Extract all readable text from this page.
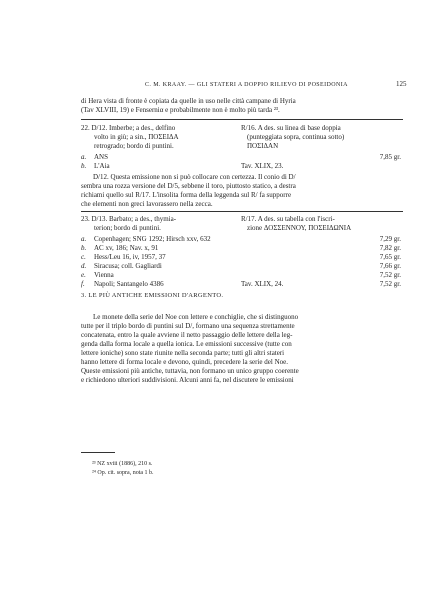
C. M. KRAAY. — GLI STATERI A DOPPIO RILIEVO DI POSEIDONIA	125
di Hera vista di fronte è copiata da quelle in uso nelle città campane di Hyria
(Tav XLVIII, 19) e Fenserniα e probabilmente non è molto più tarda ²³.
22. D/12. Imberbe; a des., delfino
volto in giù; a sin., ΠΟΣΕΙΔΑ
retrogrado; bordo di puntini.
R/16. A des. su linea di base doppia
(punteggiata sopra, continua sotto)
ΠΟΣΙΔΑΝ
a. ANS	7,85 gr.
b. L'Aia	Tav. XLIX, 23.
D/12. Questa emissione non si può collocare con certezza. Il conio di D/
sembra una rozza versione del D/5, sebbene il toro, piuttosto statico, a destra
richiami quello sul R/17. L'insolita forma della leggenda sul R/ fa supporre
che elementi non greci lavorassero nella zecca.
23. D/13. Barbato; a des., thymia-
terion; bordo di puntini.
R/17. A des. su tabella con l'iscri-
zione ΔΟΣΣΕΝΝΟΥ, ΠΟΣΕΙΔΩΝΙΑ
a. Copenhagen; SNG 1292; Hirsch xxv, 632	7,29 gr.
b. AC xv, 186; Nav. x, 91	7,82 gr.
c. Hess/Leu 16, iv, 1957, 37	7,65 gr.
d. Siracusa; coll. Gagliardi	7,66 gr.
e. Vienna	7,52 gr.
f. Napoli; Santangelo 4386	Tav. XLIX, 24.	7,52 gr.
3. LE PIÙ ANTICHE EMISSIONI D'ARGENTO.
Le monete della serie del Noe con lettere e conchiglie, che si distinguono
tutte per il triplo bordo di puntini sul D/, formano una sequenza strettamente
concatenata, entro la quale avviene il netto passaggio delle lettere della leg-
genda dalla forma locale a quella ionica. Le emissioni successive (tutte con
lettere ioniche) sono state riunite nella seconda parte; tutti gli altri stateri
hanno lettere di forma locale e devono, quindi, precedere la serie del Noe.
Queste emissioni più antiche, tuttavia, non formano un unico gruppo coerente
e richiedono ulteriori suddivisioni. Alcuni anni fa, nel discutere le emissioni
²³ NZ xviii (1886), 210 s.
²⁴ Op. cit. sopra, nota 1 b.
